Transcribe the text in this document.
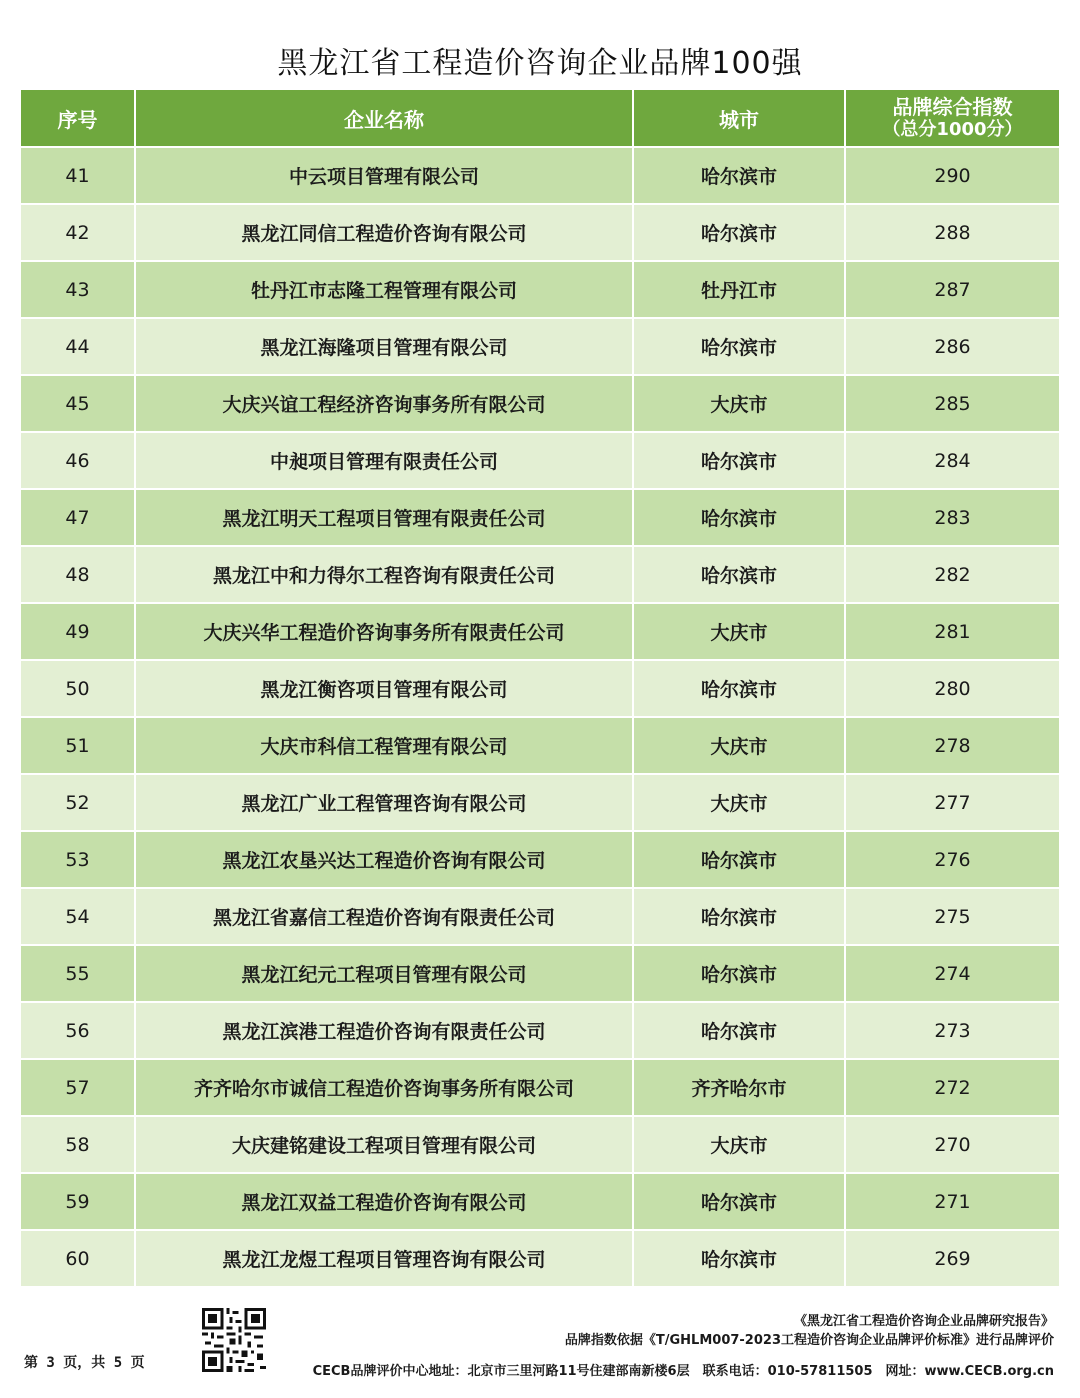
黑龙江省工程造价咨询企业品牌100强
序号	企业名称	城市	品牌综合指数
（总分1000分）

41	中云项目管理有限公司	哈尔滨市	290
42	黑龙江同信工程造价咨询有限公司	哈尔滨市	288
43	牡丹江市志隆工程管理有限公司	牡丹江市	287
44	黑龙江海隆项目管理有限公司	哈尔滨市	286
45	大庆兴谊工程经济咨询事务所有限公司	大庆市	285
46	中昶项目管理有限责任公司	哈尔滨市	284
47	黑龙江明天工程项目管理有限责任公司	哈尔滨市	283
48	黑龙江中和力得尔工程咨询有限责任公司	哈尔滨市	282
49	大庆兴华工程造价咨询事务所有限责任公司	大庆市	281
50	黑龙江衡咨项目管理有限公司	哈尔滨市	280
51	大庆市科信工程管理有限公司	大庆市	278
52	黑龙江广业工程管理咨询有限公司	大庆市	277
53	黑龙江农垦兴达工程造价咨询有限公司	哈尔滨市	276
54	黑龙江省嘉信工程造价咨询有限责任公司	哈尔滨市	275
55	黑龙江纪元工程项目管理有限公司	哈尔滨市	274
56	黑龙江滨港工程造价咨询有限责任公司	哈尔滨市	273
57	齐齐哈尔市诚信工程造价咨询事务所有限公司	齐齐哈尔市	272
58	大庆建铭建设工程项目管理有限公司	大庆市	270
59	黑龙江双益工程造价咨询有限公司	哈尔滨市	271
60	黑龙江龙煜工程项目管理咨询有限公司	哈尔滨市	269
第 3 页，共 5 页
《黑龙江省工程造价咨询企业品牌研究报告》
品牌指数依据《T/GHLM007-2023工程造价咨询企业品牌评价标准》进行品牌评价
CECB品牌评价中心地址：北京市三里河路11号住建部南新楼6层　联系电话：010-57811505　网址：www.CECB.org.cn
